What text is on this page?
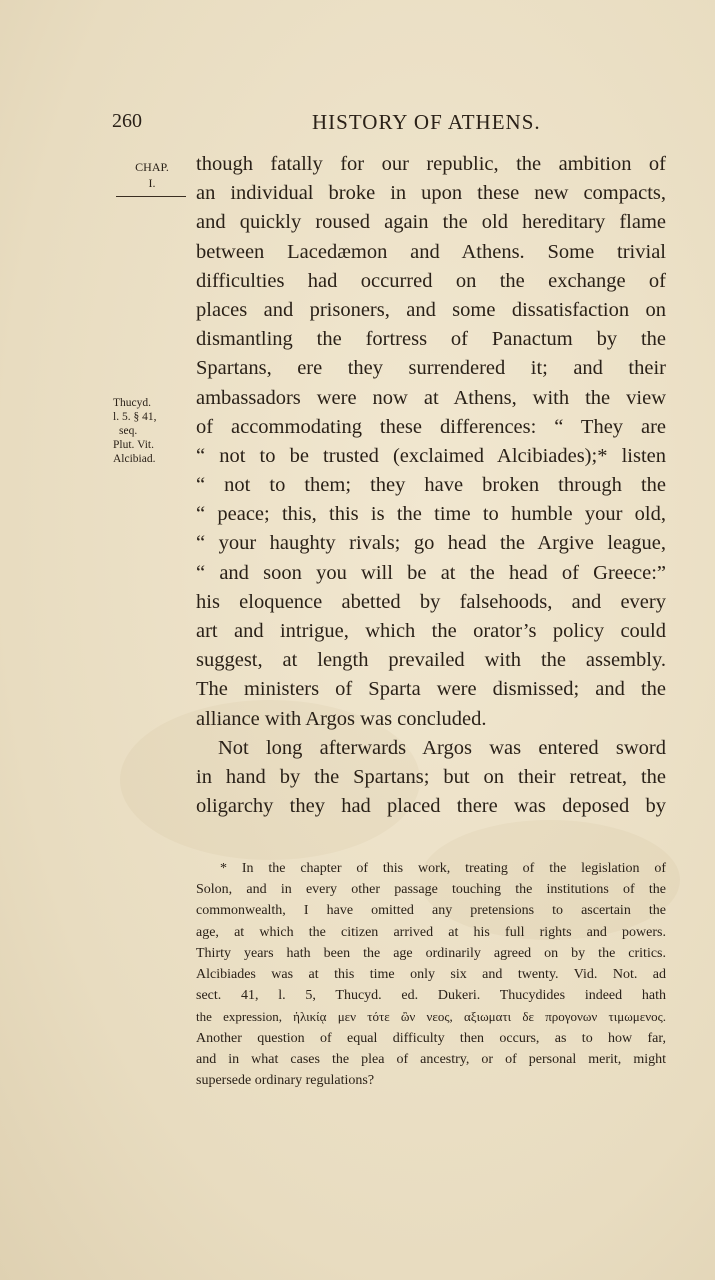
260	HISTORY OF ATHENS.
CHAP.
I.
Thucyd.
l. 5. § 41,
seq.
Plut. Vit.
Alcibiad.
though fatally for our republic, the ambition of
an individual broke in upon these new compacts,
and quickly roused again the old hereditary flame
between Lacedæmon and Athens. Some trivial
difficulties had occurred on the exchange of
places and prisoners, and some dissatisfaction on
dismantling the fortress of Panactum by the
Spartans, ere they surrendered it; and their
ambassadors were now at Athens, with the view
of accommodating these differences: “ They are
“ not to be trusted (exclaimed Alcibiades);* listen
“ not to them; they have broken through the
“ peace; this, this is the time to humble your old,
“ your haughty rivals; go head the Argive league,
“ and soon you will be at the head of Greece:”
his eloquence abetted by falsehoods, and every
art and intrigue, which the orator’s policy could
suggest, at length prevailed with the assembly.
The ministers of Sparta were dismissed; and the
alliance with Argos was concluded.
Not long afterwards Argos was entered sword
in hand by the Spartans; but on their retreat, the
oligarchy they had placed there was deposed by
* In the chapter of this work, treating of the legislation of
Solon, and in every other passage touching the institutions of the
commonwealth, I have omitted any pretensions to ascertain the
age, at which the citizen arrived at his full rights and powers.
Thirty years hath been the age ordinarily agreed on by the critics.
Alcibiades was at this time only six and twenty. Vid. Not. ad
sect. 41, l. 5, Thucyd. ed. Dukeri. Thucydides indeed hath
the expression, ἡλικίᾳ μεν τότε ὢν νεος, αξιωματι δε προγονων τιμωμενος.
Another question of equal difficulty then occurs, as to how far,
and in what cases the plea of ancestry, or of personal merit, might
supersede ordinary regulations?
